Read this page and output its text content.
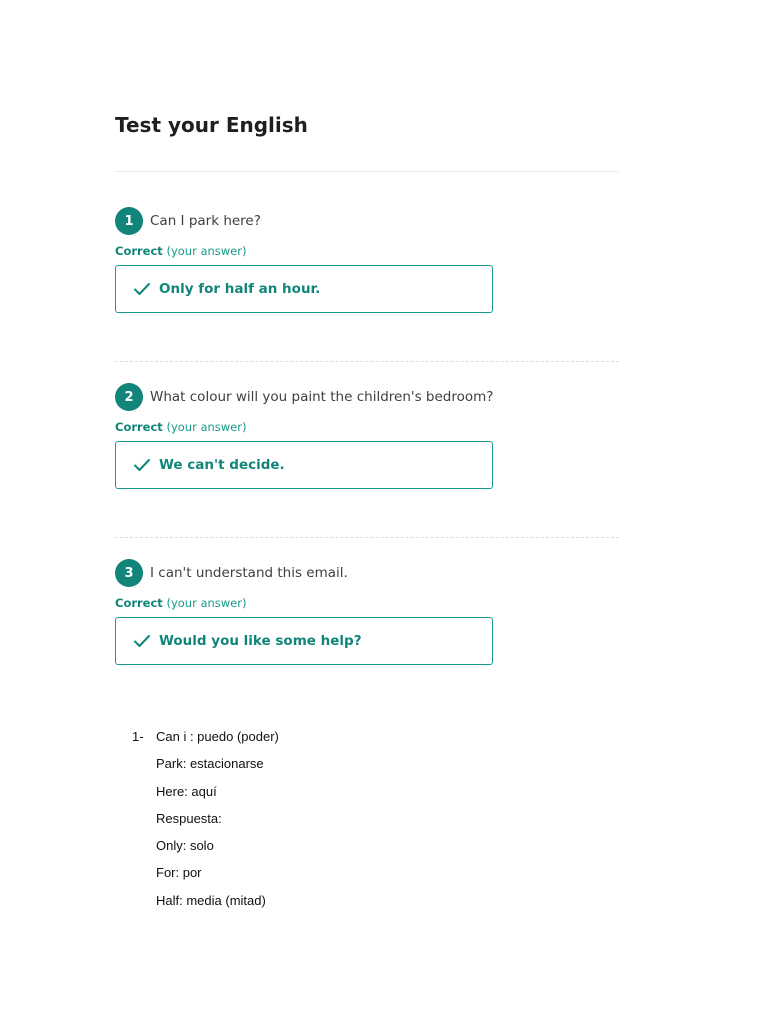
Test your English
1	Can I park here?
Correct (your answer)
Only for half an hour.
2	What colour will you paint the children's bedroom?
Correct (your answer)
We can't decide.
3	I can't understand this email.
Correct (your answer)
Would you like some help?
1- Can i : puedo (poder)
Park: estacionarse
Here: aquí
Respuesta:
Only: solo
For: por
Half: media (mitad)
